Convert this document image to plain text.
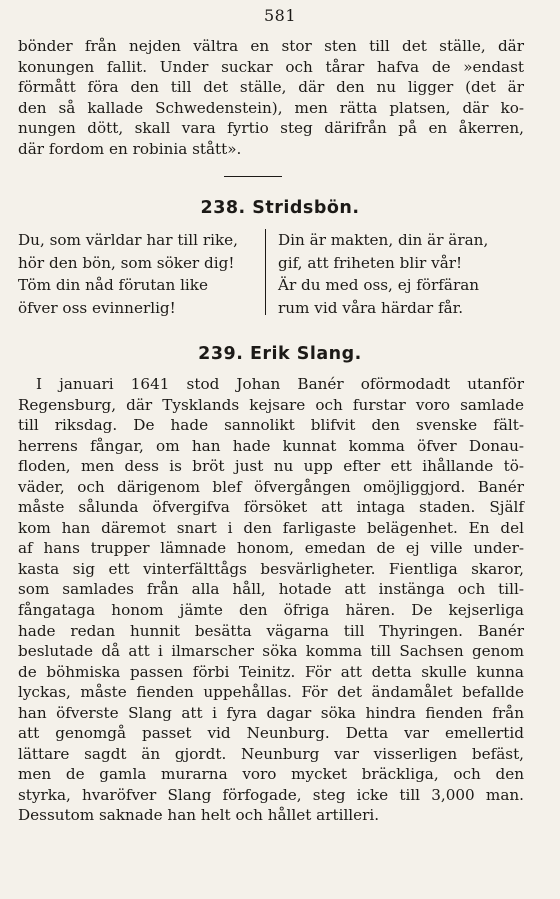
581
bönder från nejden vältra en stor sten till det ställe, där
konungen fallit. Under suckar och tårar hafva de »endast
förmått föra den till det ställe, där den nu ligger (det är
den så kallade Schwedenstein), men rätta platsen, där ko-
nungen dött, skall vara fyrtio steg därifrån på en åkerren,
där fordom en robinia stått».
238. Stridsbön.
Du, som världar har till rike,
hör den bön, som söker dig!
Töm din nåd förutan like
öfver oss evinnerlig!
Din är makten, din är äran,
gif, att friheten blir vår!
Är du med oss, ej förfäran
rum vid våra härdar får.
239. Erik Slang.
I januari 1641 stod Johan Banér oförmodadt utanför
Regensburg, där Tysklands kejsare och furstar voro samlade
till riksdag. De hade sannolikt blifvit den svenske fält-
herrens fångar, om han hade kunnat komma öfver Donau-
floden, men dess is bröt just nu upp efter ett ihållande tö-
väder, och därigenom blef öfvergången omöjliggjord. Banér
måste sålunda öfvergifva försöket att intaga staden. Själf
kom han däremot snart i den farligaste belägenhet. En del
af hans trupper lämnade honom, emedan de ej ville under-
kasta sig ett vinterfälttågs besvärligheter. Fientliga skaror,
som samlades från alla håll, hotade att instänga och till-
fångataga honom jämte den öfriga hären. De kejserliga
hade redan hunnit besätta vägarna till Thyringen. Banér
beslutade då att i ilmarscher söka komma till Sachsen genom
de böhmiska passen förbi Teinitz. För att detta skulle kunna
lyckas, måste fienden uppehållas. För det ändamålet befallde
han öfverste Slang att i fyra dagar söka hindra fienden från
att genomgå passet vid Neunburg. Detta var emellertid
lättare sagdt än gjordt. Neunburg var visserligen befäst,
men de gamla murarna voro mycket bräckliga, och den
styrka, hvaröfver Slang förfogade, steg icke till 3,000 man.
Dessutom saknade han helt och hållet artilleri.
